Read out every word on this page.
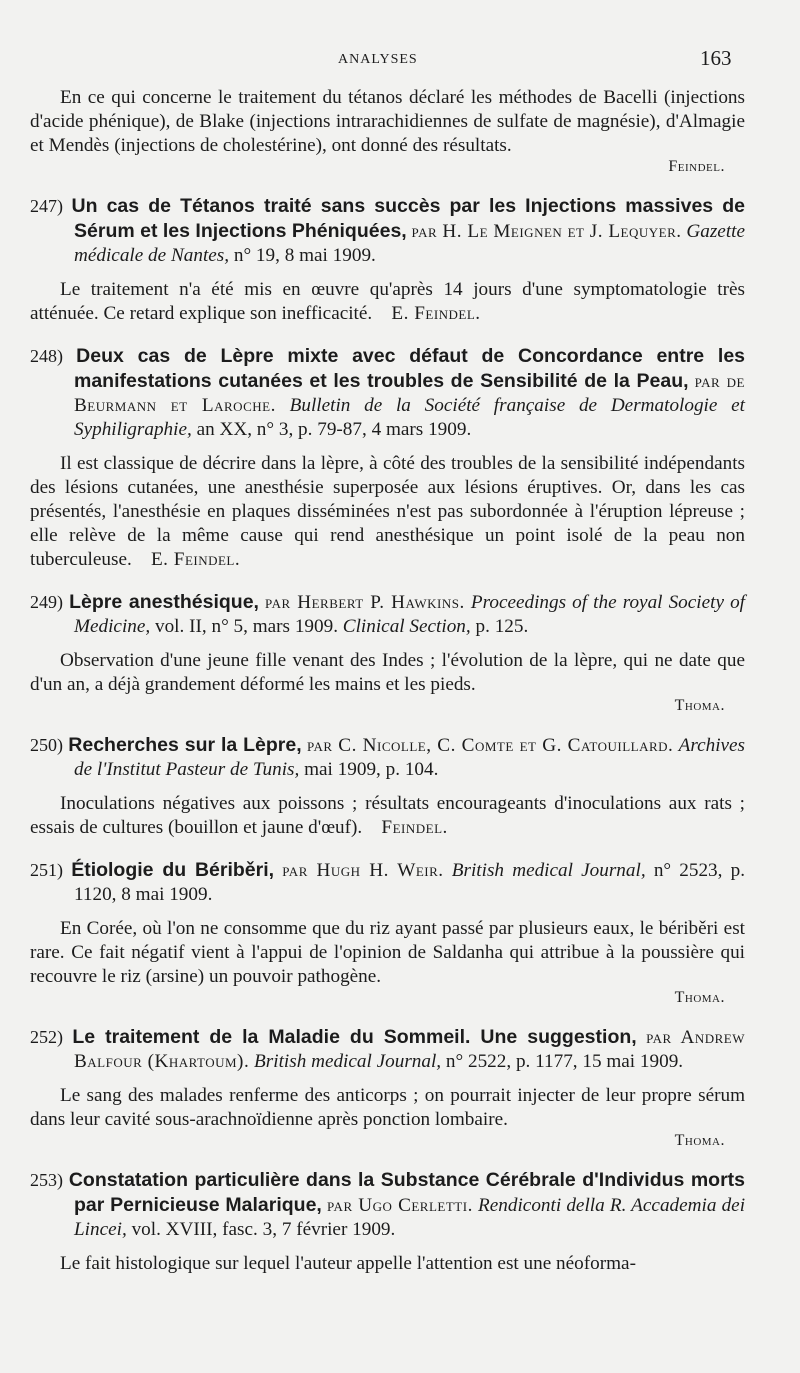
ANALYSES	163

En ce qui concerne le traitement du tétanos déclaré les méthodes de Bacelli (injections d'acide phénique), de Blake (injections intrarachidiennes de sulfate de magnésie), d'Almagie et Mendès (injections de cholestérine), ont donné des résultats.

Feindel.

247) Un cas de Tétanos traité sans succès par les Injections massives de Sérum et les Injections Phéniquées, par H. Le Meignen et J. Lequyer. Gazette médicale de Nantes, n° 19, 8 mai 1909.

Le traitement n'a été mis en œuvre qu'après 14 jours d'une symptomatologie très atténuée. Ce retard explique son inefficacité. E. Feindel.

248) Deux cas de Lèpre mixte avec défaut de Concordance entre les manifestations cutanées et les troubles de Sensibilité de la Peau, par de Beurmann et Laroche. Bulletin de la Société française de Dermatologie et Syphiligraphie, an XX, n° 3, p. 79-87, 4 mars 1909.

Il est classique de décrire dans la lèpre, à côté des troubles de la sensibilité indépendants des lésions cutanées, une anesthésie superposée aux lésions éruptives. Or, dans les cas présentés, l'anesthésie en plaques disséminées n'est pas subordonnée à l'éruption lépreuse ; elle relève de la même cause qui rend anesthésique un point isolé de la peau non tuberculeuse. E. Feindel.

249) Lèpre anesthésique, par Herbert P. Hawkins. Proceedings of the royal Society of Medicine, vol. II, n° 5, mars 1909. Clinical Section, p. 125.

Observation d'une jeune fille venant des Indes ; l'évolution de la lèpre, qui ne date que d'un an, a déjà grandement déformé les mains et les pieds.

Thoma.

250) Recherches sur la Lèpre, par C. Nicolle, C. Comte et G. Catouillard. Archives de l'Institut Pasteur de Tunis, mai 1909, p. 104.

Inoculations négatives aux poissons ; résultats encourageants d'inoculations aux rats ; essais de cultures (bouillon et jaune d'œuf). Feindel.

251) Étiologie du Bériběri, par Hugh H. Weir. British medical Journal, n° 2523, p. 1120, 8 mai 1909.

En Corée, où l'on ne consomme que du riz ayant passé par plusieurs eaux, le bériběri est rare. Ce fait négatif vient à l'appui de l'opinion de Saldanha qui attribue à la poussière qui recouvre le riz (arsine) un pouvoir pathogène.

Thoma.

252) Le traitement de la Maladie du Sommeil. Une suggestion, par Andrew Balfour (Khartoum). British medical Journal, n° 2522, p. 1177, 15 mai 1909.

Le sang des malades renferme des anticorps ; on pourrait injecter de leur propre sérum dans leur cavité sous-arachnoïdienne après ponction lombaire.

Thoma.

253) Constatation particulière dans la Substance Cérébrale d'Individus morts par Pernicieuse Malarique, par Ugo Cerletti. Rendiconti della R. Accademia dei Lincei, vol. XVIII, fasc. 3, 7 février 1909.

Le fait histologique sur lequel l'auteur appelle l'attention est une néoforma-
